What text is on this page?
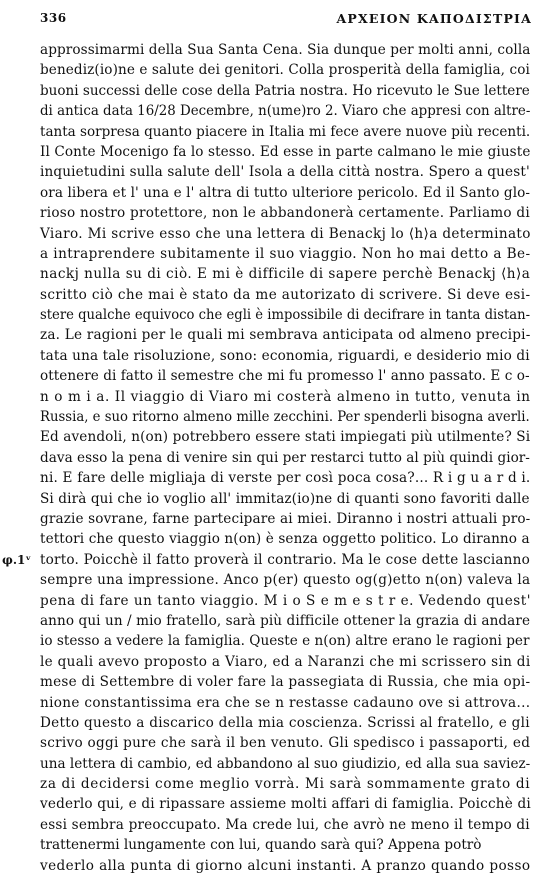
336	ΑΡΧΕΙΟΝ ΚΑΠΟΔΙΣΤΡΙΑ
φ.1ᵛ
approssimarmi della Sua Santa Cena. Sia dunque per molti anni, colla
benediz(io)ne e salute dei genitori. Colla prosperità della famiglia, coi
buoni successi delle cose della Patria nostra. Ho ricevuto le Sue lettere
di antica data 16/28 Decembre, n(ume)ro 2. Viaro che appresi con altre-
tanta sorpresa quanto piacere in Italia mi fece avere nuove più recenti.
Il Conte Mocenigo fa lo stesso. Ed esse in parte calmano le mie giuste
inquietudini sulla salute dell' Isola a della città nostra. Spero a quest'
ora libera et l' una e l' altra di tutto ulteriore pericolo. Ed il Santo glo-
rioso nostro protettore, non le abbandonerà certamente. Parliamo di
Viaro. Mi scrive esso che una lettera di Benackj lo ⟨h⟩a determinato
a intraprendere subitamente il suo viaggio. Non ho mai detto a Be-
nackj nulla su di ciò. E mi è difficile di sapere perchè Benackj ⟨h⟩a
scritto ciò che mai è stato da me autorizato di scrivere. Si deve esi-
stere qualche equivoco che egli è impossibile di decifrare in tanta distan-
za. Le ragioni per le quali mi sembrava anticipata od almeno precipi-
tata una tale risoluzione, sono: economia, riguardi, e desiderio mio di
ottenere di fatto il semestre che mi fu promesso l' anno passato. E c o-
n o m i a. Il viaggio di Viaro mi costerà almeno in tutto, venuta in
Russia, e suo ritorno almeno mille zecchini. Per spenderli bisogna averli.
Ed avendoli, n(on) potrebbero essere stati impiegati più utilmente? Si
dava esso la pena di venire sin qui per restarci tutto al più quindi gior-
ni. E fare delle migliaja di verste per così poca cosa?... R i g u a r d i.
Si dirà qui che io voglio all' immitaz(io)ne di quanti sono favoriti dalle
grazie sovrane, farne partecipare ai miei. Diranno i nostri attuali pro-
tettori che questo viaggio n(on) è senza oggetto politico. Lo diranno a
torto. Poicchè il fatto proverà il contrario. Ma le cose dette lascianno
sempre una impressione. Anco p(er) questo og(g)etto n(on) valeva la
pena di fare un tanto viaggio. M i o S e m e s t r e. Vedendo quest'
anno qui un / mio fratello, sarà più difficile ottener la grazia di andare
io stesso a vedere la famiglia. Queste e n(on) altre erano le ragioni per
le quali avevo proposto a Viaro, ed a Naranzi che mi scrissero sin di
mese di Settembre di voler fare la passegiata di Russia, che mia opi-
nione constantissima era che se n restasse cadauno ove si attrova...
Detto questo a discarico della mia coscienza. Scrissi al fratello, e gli
scrivo oggi pure che sarà il ben venuto. Gli spedisco i passaporti, ed
una lettera di cambio, ed abbandono al suo giudizio, ed alla sua saviez-
za di decidersi come meglio vorrà. Mi sarà sommamente grato di
vederlo qui, e di ripassare assieme molti affari di famiglia. Poicchè di
essi sembra preoccupato. Ma crede lui, che avrò ne meno il tempo di
trattenermi lungamente con lui, quando sarà qui? Appena potrò
vederlo alla punta di giorno alcuni instanti. A pranzo quando posso
